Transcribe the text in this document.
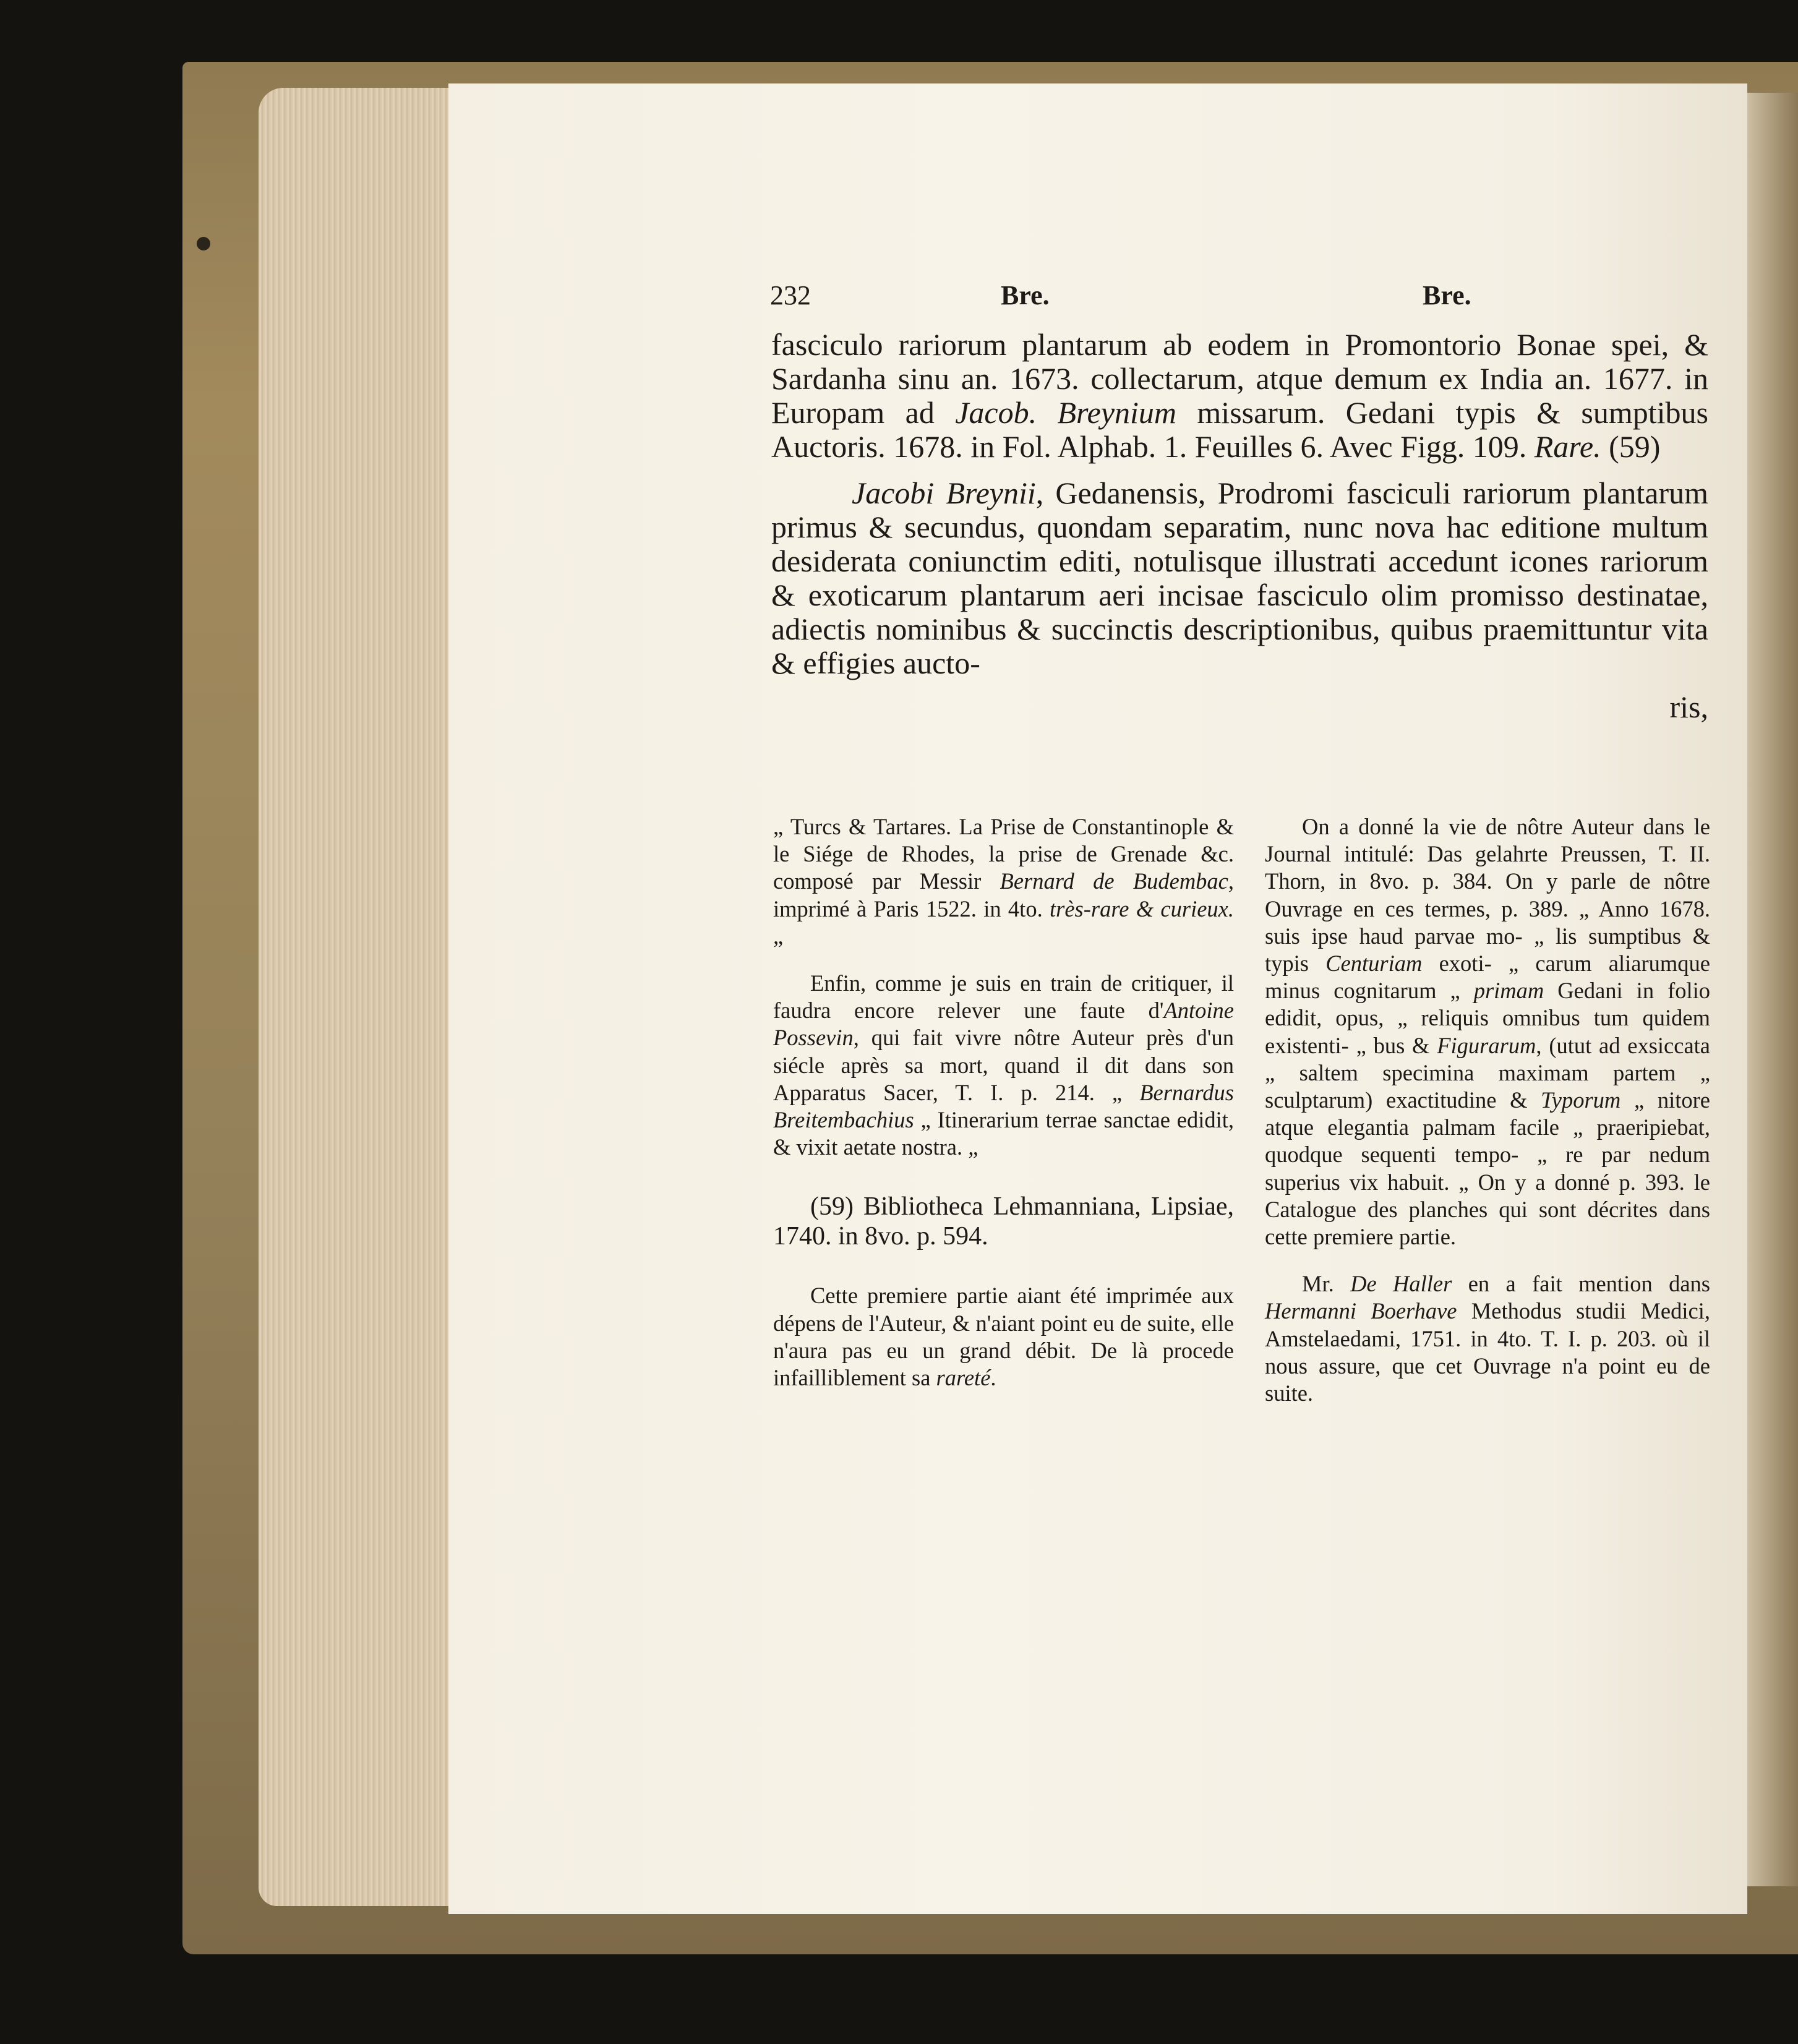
232	Bre.	Bre.

fasciculo rariorum plantarum ab eodem in Promontorio Bonae spei, & Sardanha sinu an. 1673. collectarum, atque demum ex India an. 1677. in Europam ad Jacob. Breynium missarum. Gedani typis & sumptibus Auctoris. 1678. in Fol. Alphab. 1. Feuilles 6. Avec Figg. 109. Rare. (59)

Jacobi Breynii, Gedanensis, Prodromi fasciculi rariorum plantarum primus & secundus, quondam separatim, nunc nova hac editione multum desiderata coniunctim editi, notulisque illustrati accedunt icones rariorum & exoticarum plantarum aeri incisae fasciculo olim promisso destinatae, adiectis nominibus & succinctis descriptionibus, quibus praemittuntur vita & effigies aucto-

ris,

„ Turcs & Tartares. La Prise de Constantinople & le Siége de Rhodes, la prise de Grenade &c. composé par Messir Bernard de Budembac, imprimé à Paris 1522. in 4to. très-rare & curieux. „

Enfin, comme je suis en train de critiquer, il faudra encore relever une faute d'Antoine Possevin, qui fait vivre nôtre Auteur près d'un siécle après sa mort, quand il dit dans son Apparatus Sacer, T. I. p. 214. „ Bernardus Breitembachius „ Itinerarium terrae sanctae edidit, & vixit aetate nostra. „

(59) Bibliotheca Lehmanniana, Lipsiae, 1740. in 8vo. p. 594.

Cette premiere partie aiant été imprimée aux dépens de l'Auteur, & n'aiant point eu de suite, elle n'aura pas eu un grand débit. De là procede infailliblement sa rareté.

On a donné la vie de nôtre Auteur dans le Journal intitulé: Das gelahrte Preussen, T. II. Thorn, in 8vo. p. 384. On y parle de nôtre Ouvrage en ces termes, p. 389. „ Anno 1678. suis ipse haud parvae mo- „ lis sumptibus & typis Centuriam exoti- „ carum aliarumque minus cognitarum „ primam Gedani in folio edidit, opus, „ reliquis omnibus tum quidem existenti- „ bus & Figurarum, (utut ad exsiccata „ saltem specimina maximam partem „ sculptarum) exactitudine & Typorum „ nitore atque elegantia palmam facile „ praeripiebat, quodque sequenti tempo- „ re par nedum superius vix habuit. „ On y a donné p. 393. le Catalogue des planches qui sont décrites dans cette premiere partie.

Mr. De Haller en a fait mention dans Hermanni Boerhave Methodus studii Medici, Amstelaedami, 1751. in 4to. T. I. p. 203. où il nous assure, que cet Ouvrage n'a point eu de suite.
